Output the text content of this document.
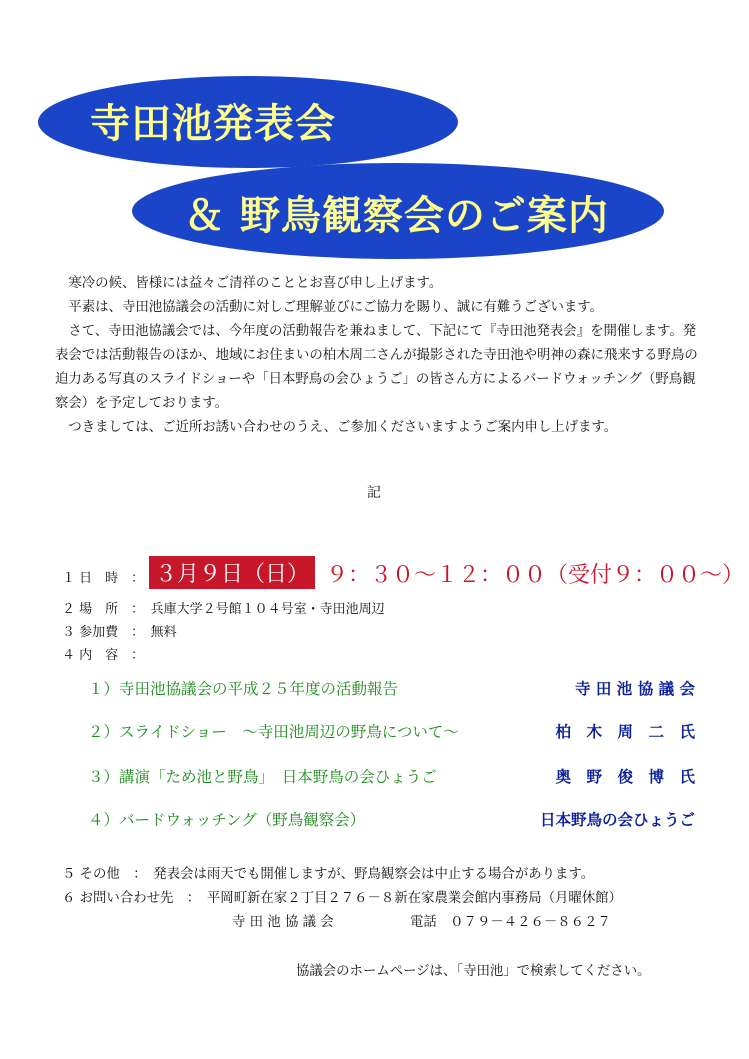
寺田池発表会
＆ 野鳥観察会のご案内

寒冷の候、皆様には益々ご清祥のこととお喜び申し上げます。

平素は、寺田池協議会の活動に対しご理解並びにご協力を賜り、誠に有難うございます。

さて、寺田池協議会では、今年度の活動報告を兼ねまして、下記にて『寺田池発表会』を開催します。発表会では活動報告のほか、地域にお住まいの柏木周二さんが撮影された寺田池や明神の森に飛来する野鳥の迫力ある写真のスライドショーや「日本野鳥の会ひょうご」の皆さん方によるバードウォッチング（野鳥観察会）を予定しております。

つきましては、ご近所お誘い合わせのうえ、ご参加くださいますようご案内申し上げます。

記
１ 日　時　： ３月９日（日） ９：３０〜１２：００（受付９：００〜）
２ 場　所　：　兵庫大学２号館１０４号室・寺田池周辺
３ 参加費　：　無料
４ 内　容　：
１）寺田池協議会の平成２５年度の活動報告	寺 田 池 協 議 会
２）スライドショー　～寺田池周辺の野鳥について～	柏　木　周　二　氏
３）講演「ため池と野鳥」　日本野鳥の会ひょうご	奥　野　俊　博　氏
４）バードウォッチング（野鳥観察会）	日本野鳥の会ひょうご
５ その他　：　発表会は雨天でも開催しますが、野鳥観察会は中止する場合があります。
６ お問い合わせ先　：　平岡町新在家２丁目２７６－８新在家農業会館内事務局（月曜休館）
寺 田 池 協 議 会	電話　０７９－４２６－８６２７
協議会のホームページは、「寺田池」で検索してください。
